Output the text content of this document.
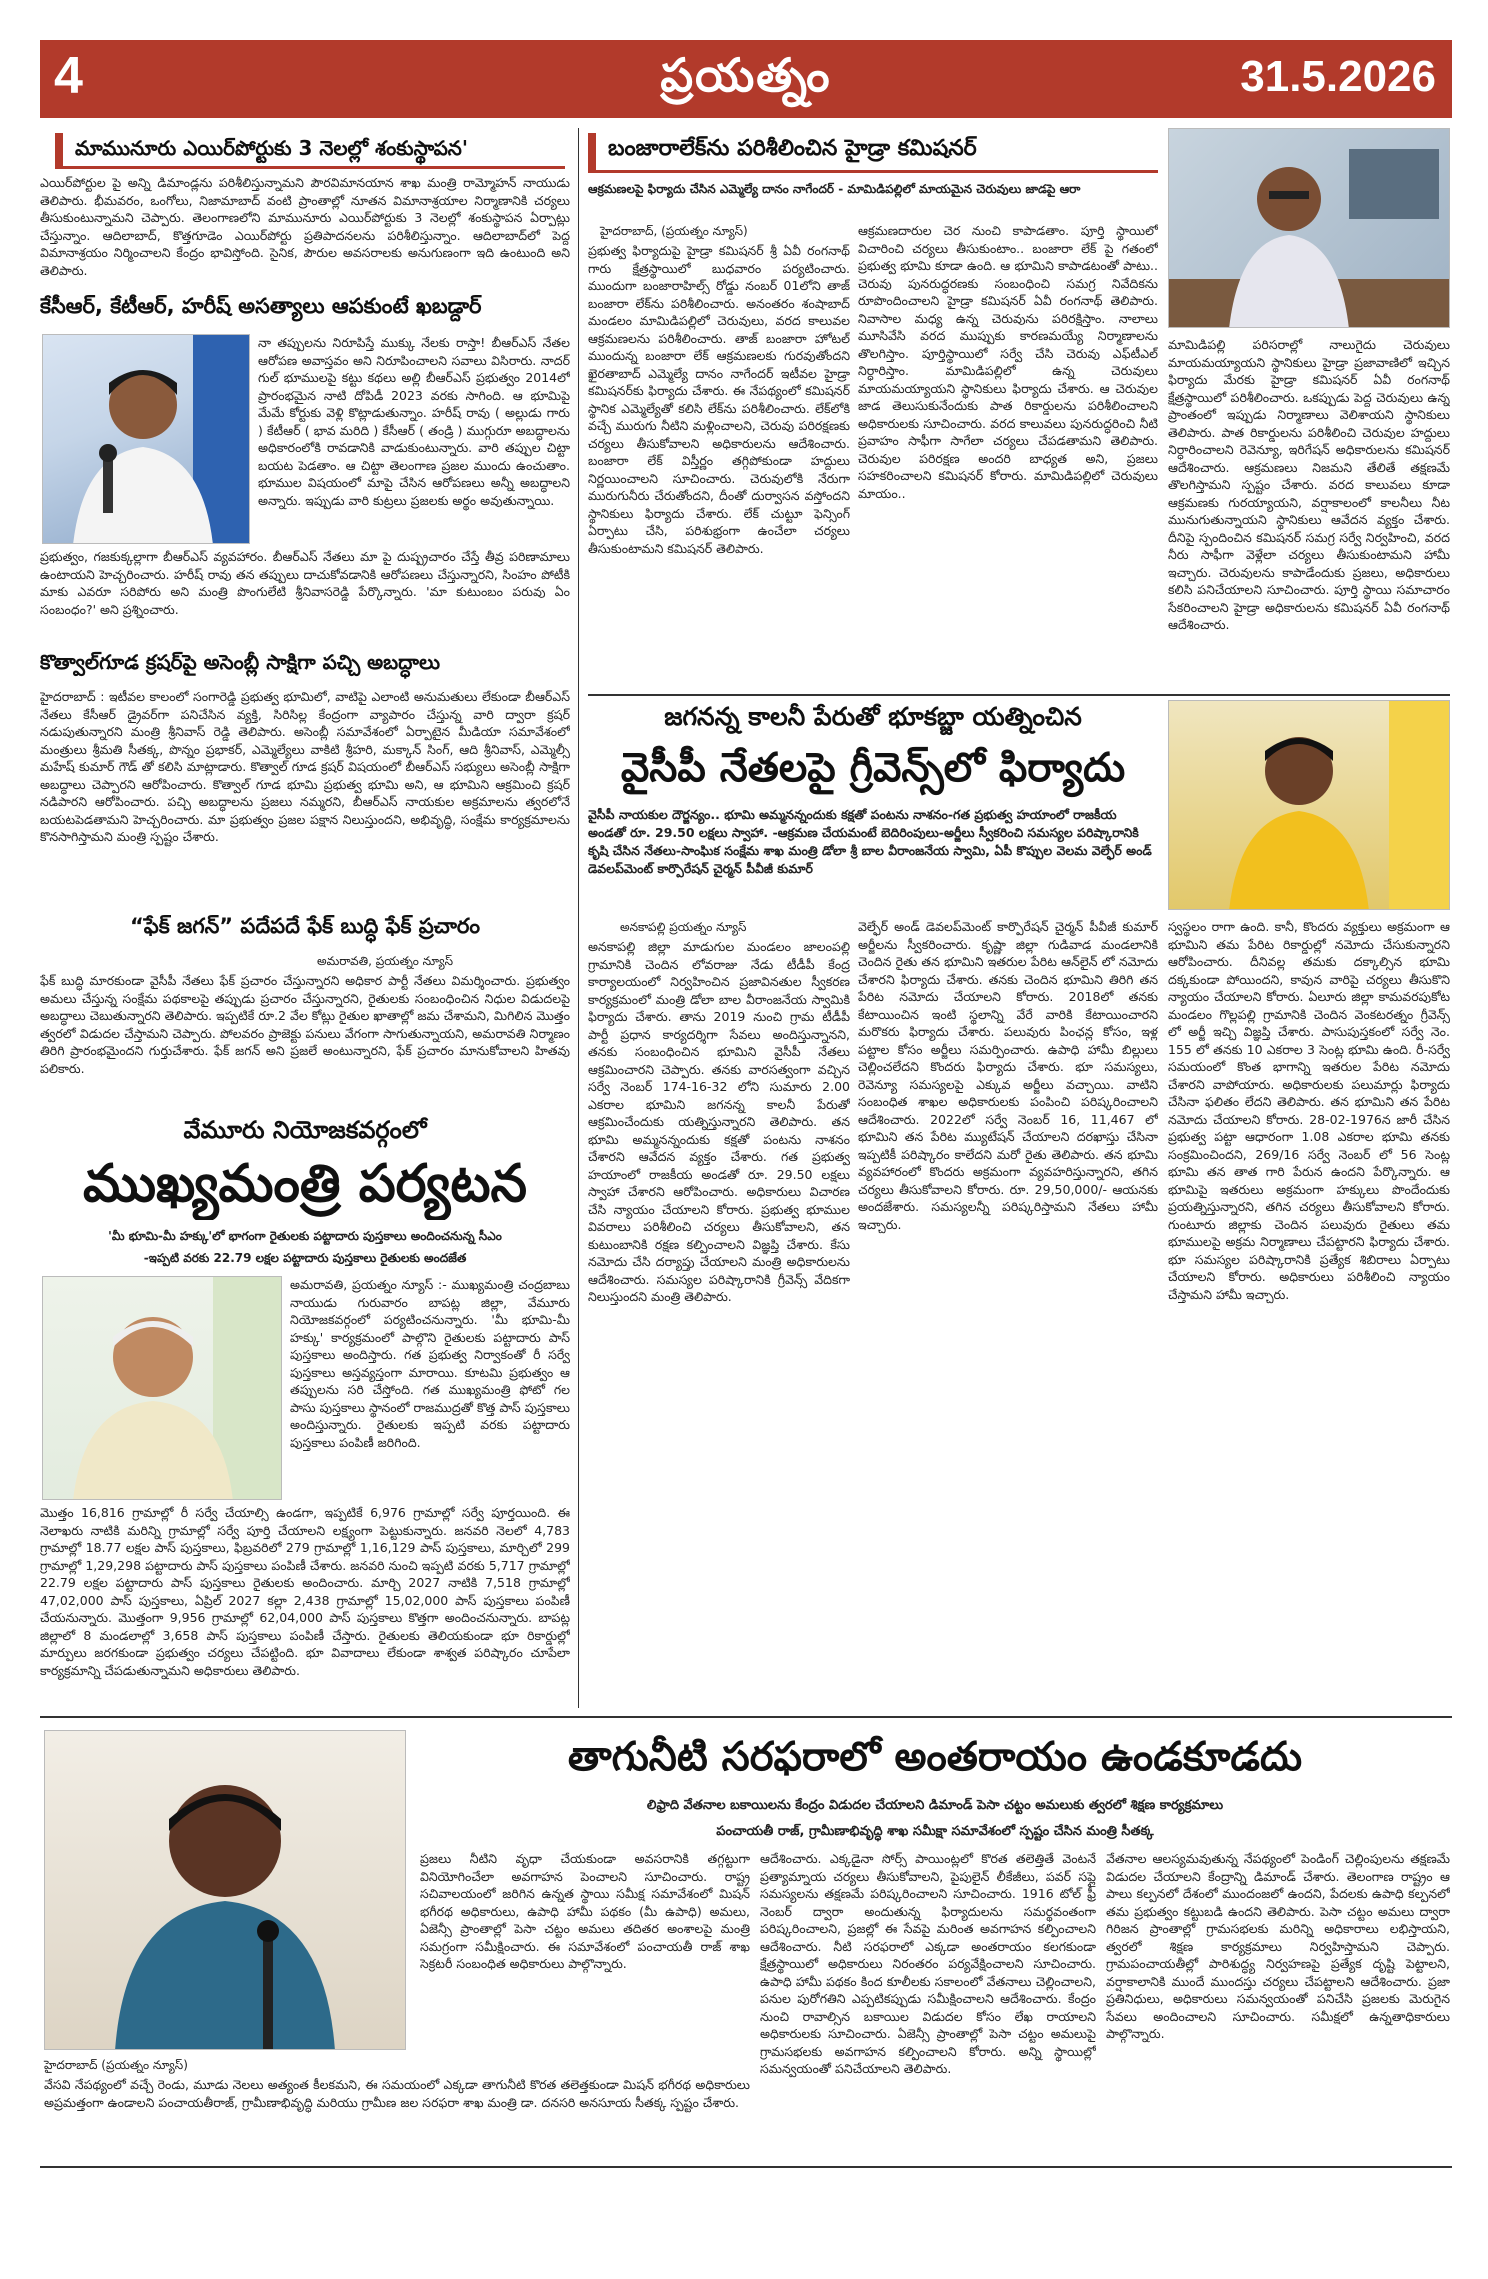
4	ప్రయత్నం	31.5.2026
మామునూరు ఎయిర్‌పోర్టుకు 3 నెలల్లో శంకుస్థాపన'
ఎయిర్‌పోర్టుల పై అన్ని డిమాండ్లను పరిశీలిస్తున్నామని పౌరవిమానయాన శాఖ మంత్రి రామ్మోహన్ నాయుడు తెలిపారు. భీమవరం, ఒంగోలు, నిజామాబాద్ వంటి ప్రాంతాల్లో నూతన విమానాశ్రయాల నిర్మాణానికి చర్యలు తీసుకుంటున్నామని చెప్పారు. తెలంగాణలోని మామునూరు ఎయిర్‌పోర్టుకు 3 నెలల్లో శంకుస్థాపన ఏర్పాట్లు చేస్తున్నాం. ఆదిలాబాద్, కొత్తగూడెం ఎయిర్‌పోర్టు ప్రతిపాదనలను పరిశీలిస్తున్నాం. ఆదిలాబాద్‌లో పెద్ద విమానాశ్రయం నిర్మించాలని కేంద్రం భావిస్తోంది. సైనిక, పౌరుల అవసరాలకు అనుగుణంగా ఇది ఉంటుంది అని తెలిపారు.
కేసీఆర్, కేటీఆర్, హరీష్ అసత్యాలు ఆపకుంటే ఖబడ్దార్
నా తప్పులను నిరూపిస్తే ముక్కు నేలకు రాస్తా! బీఆర్ఎస్ నేతల ఆరోపణ అవాస్తవం అని నిరూపించాలని సవాలు విసిరారు. నాదర్ గుల్ భూములపై కట్టు కథలు అల్లి బీఆర్ఎస్ ప్రభుత్వం 2014లో ప్రారంభమైన నాటి దోపిడీ 2023 వరకు సాగింది. ఆ భూమిపై మేమే కోర్టుకు వెళ్లి కొట్లాడుతున్నాం. హరీష్ రావు ( అల్లుడు గారు ) కేటీఆర్ ( భావ మరిది ) కేసీఆర్ ( తండ్రి ) ముగ్గురూ అబద్ధాలను అధికారంలోకి రావడానికి వాడుకుంటున్నారు. వారి తప్పుల చిట్టా బయట పెడతాం. ఆ చిట్టా తెలంగాణ ప్రజల ముందు ఉంచుతాం. భూముల విషయంలో మాపై చేసిన ఆరోపణలు అన్నీ అబద్ధాలని అన్నారు. ఇప్పుడు వారి కుట్రలు ప్రజలకు అర్థం అవుతున్నాయి.
ప్రభుత్వం, గజకుక్కల్లాగా బీఆర్ఎస్ వ్యవహారం. బీఆర్ఎస్ నేతలు మా పై దుష్ప్రచారం చేస్తే తీవ్ర పరిణామాలు ఉంటాయని హెచ్చరించారు. హరీష్ రావు తన తప్పులు దాచుకోవడానికి ఆరోపణలు చేస్తున్నారని, సింహం పోటీకి మాకు ఎవరూ సరిపోరు అని మంత్రి పొంగులేటి శ్రీనివాసరెడ్డి పేర్కొన్నారు. 'మా కుటుంబం పరువు ఏం సంబంధం?' అని ప్రశ్నించారు.
కొత్వాల్‌గూడ క్రషర్‌పై అసెంబ్లీ సాక్షిగా పచ్చి అబద్ధాలు
హైదరాబాద్ : ఇటీవల కాలంలో సంగారెడ్డి ప్రభుత్వ భూమిలో, వాటిపై ఎలాంటి అనుమతులు లేకుండా బీఆర్ఎస్ నేతలు కేసీఆర్ డ్రైవర్‌గా పనిచేసిన వ్యక్తి, సిరిసిల్ల కేంద్రంగా వ్యాపారం చేస్తున్న వారి ద్వారా క్రషర్ నడుపుతున్నారని మంత్రి శ్రీనివాస్ రెడ్డి తెలిపారు. అసెంబ్లీ సమావేశంలో ఏర్పాటైన మీడియా సమావేశంలో మంత్రులు శ్రీమతి సీతక్క, పొన్నం ప్రభాకర్, ఎమ్మెల్యేలు వాకిటి శ్రీహరి, మక్కాన్ సింగ్, ఆది శ్రీనివాస్, ఎమ్మెల్సీ మహేష్ కుమార్ గౌడ్ తో కలిసి మాట్లాడారు. కొత్వాల్ గూడ క్రషర్ విషయంలో బీఆర్ఎస్ సభ్యులు అసెంబ్లీ సాక్షిగా అబద్ధాలు చెప్పారని ఆరోపించారు. కొత్వాల్ గూడ భూమి ప్రభుత్వ భూమి అని, ఆ భూమిని ఆక్రమించి క్రషర్ నడిపారని ఆరోపించారు. పచ్చి అబద్ధాలను ప్రజలు నమ్మరని, బీఆర్ఎస్ నాయకుల అక్రమాలను త్వరలోనే బయటపెడతామని హెచ్చరించారు. మా ప్రభుత్వం ప్రజల పక్షాన నిలుస్తుందని, అభివృద్ధి, సంక్షేమ కార్యక్రమాలను కొనసాగిస్తామని మంత్రి స్పష్టం చేశారు.
“ఫేక్ జగన్” పదేపదే ఫేక్ బుద్ధి ఫేక్ ప్రచారం
అమరావతి, ప్రయత్నం న్యూస్
ఫేక్ బుద్ధి మారకుండా వైసీపీ నేతలు ఫేక్ ప్రచారం చేస్తున్నారని అధికార పార్టీ నేతలు విమర్శించారు. ప్రభుత్వం అమలు చేస్తున్న సంక్షేమ పథకాలపై తప్పుడు ప్రచారం చేస్తున్నారని, రైతులకు సంబంధించిన నిధుల విడుదలపై అబద్ధాలు చెబుతున్నారని తెలిపారు. ఇప్పటికే రూ.2 వేల కోట్లు రైతుల ఖాతాల్లో జమ చేశామని, మిగిలిన మొత్తం త్వరలో విడుదల చేస్తామని చెప్పారు. పోలవరం ప్రాజెక్టు పనులు వేగంగా సాగుతున్నాయని, అమరావతి నిర్మాణం తిరిగి ప్రారంభమైందని గుర్తుచేశారు. ఫేక్ జగన్ అని ప్రజలే అంటున్నారని, ఫేక్ ప్రచారం మానుకోవాలని హితవు పలికారు.
వేమూరు నియోజకవర్గంలో
ముఖ్యమంత్రి పర్యటన
'మీ భూమి-మీ హక్కు'లో భాగంగా రైతులకు పట్టాదారు పుస్తకాలు అందించనున్న సీఎం
-ఇప్పటి వరకు 22.79 లక్షల పట్టాదారు పుస్తకాలు రైతులకు అందజేత
అమరావతి, ప్రయత్నం న్యూస్ :- ముఖ్యమంత్రి చంద్రబాబు నాయుడు గురువారం బాపట్ల జిల్లా, వేమూరు నియోజకవర్గంలో పర్యటించనున్నారు. 'మీ భూమి-మీ హక్కు' కార్యక్రమంలో పాల్గొని రైతులకు పట్టాదారు పాస్ పుస్తకాలు అందిస్తారు. గత ప్రభుత్వ నిర్వాకంతో రీ సర్వే పుస్తకాలు అస్తవ్యస్తంగా మారాయి. కూటమి ప్రభుత్వం ఆ తప్పులను సరి చేస్తోంది. గత ముఖ్యమంత్రి ఫోటో గల పాసు పుస్తకాలు స్థానంలో రాజముద్రతో కొత్త పాస్ పుస్తకాలు అందిస్తున్నారు. రైతులకు ఇప్పటి వరకు పట్టాదారు పుస్తకాలు పంపిణీ జరిగింది.
మొత్తం 16,816 గ్రామాల్లో రీ సర్వే చేయాల్సి ఉండగా, ఇప్పటికే 6,976 గ్రామాల్లో సర్వే పూర్తయింది. ఈ నెలాఖరు నాటికి మరిన్ని గ్రామాల్లో సర్వే పూర్తి చేయాలని లక్ష్యంగా పెట్టుకున్నారు. జనవరి నెలలో 4,783 గ్రామాల్లో 18.77 లక్షల పాస్ పుస్తకాలు, ఫిబ్రవరిలో 279 గ్రామాల్లో 1,16,129 పాస్ పుస్తకాలు, మార్చిలో 299 గ్రామాల్లో 1,29,298 పట్టాదారు పాస్ పుస్తకాలు పంపిణీ చేశారు. జనవరి నుంచి ఇప్పటి వరకు 5,717 గ్రామాల్లో 22.79 లక్షల పట్టాదారు పాస్ పుస్తకాలు రైతులకు అందించారు. మార్చి 2027 నాటికి 7,518 గ్రామాల్లో 47,02,000 పాస్ పుస్తకాలు, ఏప్రిల్ 2027 కల్లా 2,438 గ్రామాల్లో 15,02,000 పాస్ పుస్తకాలు పంపిణీ చేయనున్నారు. మొత్తంగా 9,956 గ్రామాల్లో 62,04,000 పాస్ పుస్తకాలు కొత్తగా అందించనున్నారు. బాపట్ల జిల్లాలో 8 మండలాల్లో 3,658 పాస్ పుస్తకాలు పంపిణీ చేస్తారు. రైతులకు తెలియకుండా భూ రికార్డుల్లో మార్పులు జరగకుండా ప్రభుత్వం చర్యలు చేపట్టింది. భూ వివాదాలు లేకుండా శాశ్వత పరిష్కారం చూపేలా కార్యక్రమాన్ని చేపడుతున్నామని అధికారులు తెలిపారు.
బంజారాలేక్‌ను పరిశీలించిన హైడ్రా కమిషనర్
ఆక్రమణలపై ఫిర్యాదు చేసిన ఎమ్మెల్యే దానం నాగేందర్ - మామిడిపల్లిలో మాయమైన చెరువులు జాడపై ఆరా
హైదరాబాద్, (ప్రయత్నం న్యూస్)
ప్రభుత్వ ఫిర్యాదుపై హైడ్రా కమిషనర్ శ్రీ ఏవీ రంగనాథ్ గారు క్షేత్రస్థాయిలో బుధవారం పర్యటించారు. ముందుగా బంజారాహిల్స్ రోడ్డు నంబర్ 01లోని తాజ్ బంజారా లేక్‌ను పరిశీలించారు. అనంతరం శంషాబాద్ మండలం మామిడిపల్లిలో చెరువులు, వరద కాలువల ఆక్రమణలను పరిశీలించారు. తాజ్ బంజారా హోటల్ ముందున్న బంజారా లేక్ ఆక్రమణలకు గురవుతోందని ఖైరతాబాద్ ఎమ్మెల్యే దానం నాగేందర్ ఇటీవల హైడ్రా కమిషనర్‌కు ఫిర్యాదు చేశారు. ఈ నేపథ్యంలో కమిషనర్ స్థానిక ఎమ్మెల్యేతో కలిసి లేక్‌ను పరిశీలించారు. లేక్‌లోకి వచ్చే మురుగు నీటిని మళ్లించాలని, చెరువు పరిరక్షణకు చర్యలు తీసుకోవాలని అధికారులను ఆదేశించారు. బంజారా లేక్ విస్తీర్ణం తగ్గిపోకుండా హద్దులు నిర్ణయించాలని సూచించారు. చెరువులోకి నేరుగా మురుగునీరు చేరుతోందని, దీంతో దుర్వాసన వస్తోందని స్థానికులు ఫిర్యాదు చేశారు. లేక్ చుట్టూ ఫెన్సింగ్ ఏర్పాటు చేసి, పరిశుభ్రంగా ఉంచేలా చర్యలు తీసుకుంటామని కమిషనర్ తెలిపారు.
ఆక్రమణదారుల చెర నుంచి కాపాడతాం. పూర్తి స్థాయిలో విచారించి చర్యలు తీసుకుంటాం.. బంజారా లేక్ పై గతంలో ప్రభుత్వ భూమి కూడా ఉంది. ఆ భూమిని కాపాడటంతో పాటు.. చెరువు పునరుద్ధరణకు సంబంధించి సమగ్ర నివేదికను రూపొందించాలని హైడ్రా కమిషనర్ ఏవీ రంగనాథ్ తెలిపారు. నివాసాల మధ్య ఉన్న చెరువును పరిరక్షిస్తాం. నాలాలు మూసివేసి వరద ముప్పుకు కారణమయ్యే నిర్మాణాలను తొలగిస్తాం. పూర్తిస్థాయిలో సర్వే చేసి చెరువు ఎఫ్‌టీఎల్ నిర్ధారిస్తాం. మామిడిపల్లిలో ఉన్న చెరువులు మాయమయ్యాయని స్థానికులు ఫిర్యాదు చేశారు. ఆ చెరువుల జాడ తెలుసుకునేందుకు పాత రికార్డులను పరిశీలించాలని అధికారులకు సూచించారు. వరద కాలువలు పునరుద్ధరించి నీటి ప్రవాహం సాఫీగా సాగేలా చర్యలు చేపడతామని తెలిపారు. చెరువుల పరిరక్షణ అందరి బాధ్యత అని, ప్రజలు సహకరించాలని కమిషనర్ కోరారు. మామిడిపల్లిలో చెరువులు మాయం..
మామిడిపల్లి పరిసరాల్లో నాలుగైదు చెరువులు మాయమయ్యాయని స్థానికులు హైడ్రా ప్రజావాణిలో ఇచ్చిన ఫిర్యాదు మేరకు హైడ్రా కమిషనర్ ఏవీ రంగనాథ్ క్షేత్రస్థాయిలో పరిశీలించారు. ఒకప్పుడు పెద్ద చెరువులు ఉన్న ప్రాంతంలో ఇప్పుడు నిర్మాణాలు వెలిశాయని స్థానికులు తెలిపారు. పాత రికార్డులను పరిశీలించి చెరువుల హద్దులు నిర్ధారించాలని రెవెన్యూ, ఇరిగేషన్ అధికారులను కమిషనర్ ఆదేశించారు. ఆక్రమణలు నిజమని తేలితే తక్షణమే తొలగిస్తామని స్పష్టం చేశారు. వరద కాలువలు కూడా ఆక్రమణకు గురయ్యాయని, వర్షాకాలంలో కాలనీలు నీట మునుగుతున్నాయని స్థానికులు ఆవేదన వ్యక్తం చేశారు. దీనిపై స్పందించిన కమిషనర్ సమగ్ర సర్వే నిర్వహించి, వరద నీరు సాఫీగా వెళ్లేలా చర్యలు తీసుకుంటామని హామీ ఇచ్చారు. చెరువులను కాపాడేందుకు ప్రజలు, అధికారులు కలిసి పనిచేయాలని సూచించారు. పూర్తి స్థాయి సమాచారం సేకరించాలని హైడ్రా అధికారులను కమిషనర్ ఏవీ రంగనాథ్ ఆదేశించారు.
జగనన్న కాలనీ పేరుతో భూకబ్జా యత్నించిన
వైసీపీ నేతలపై గ్రీవెన్స్‌లో ఫిర్యాదు
వైసీపీ నాయకుల దౌర్జన్యం.. భూమి అమ్మనన్నందుకు కక్షతో పంటను నాశనం-గత ప్రభుత్వ హయాంలో రాజకీయ అండతో రూ. 29.50 లక్షలు స్వాహా. -ఆక్రమణ చేయమంటే బెదిరింపులు-అర్జీలు స్వీకరించి సమస్యల పరిష్కారానికి కృషి చేసిన నేతలు-సాంఘిక సంక్షేమ శాఖ మంత్రి డోలా శ్రీ బాల వీరాంజనేయ స్వామి, ఏపీ కొప్పుల వెలమ వెల్ఫేర్ అండ్ డెవలప్‌మెంట్ కార్పొరేషన్ చైర్మన్ పీవీజీ కుమార్
అనకాపల్లి ప్రయత్నం న్యూస్
అనకాపల్లి జిల్లా మాడుగుల మండలం జాలంపల్లి గ్రామానికి చెందిన లోవరాజు నేడు టీడీపీ కేంద్ర కార్యాలయంలో నిర్వహించిన ప్రజావినతుల స్వీకరణ కార్యక్రమంలో మంత్రి డోలా బాల వీరాంజనేయ స్వామికి ఫిర్యాదు చేశారు. తాను 2019 నుంచి గ్రామ టీడీపీ పార్టీ ప్రధాన కార్యదర్శిగా సేవలు అందిస్తున్నానని, తనకు సంబంధించిన భూమిని వైసీపీ నేతలు ఆక్రమించారని చెప్పారు. తనకు వారసత్వంగా వచ్చిన సర్వే నెంబర్ 174-16-32 లోని సుమారు 2.00 ఎకరాల భూమిని జగనన్న కాలనీ పేరుతో ఆక్రమించేందుకు యత్నిస్తున్నారని తెలిపారు. తన భూమి అమ్మనన్నందుకు కక్షతో పంటను నాశనం చేశారని ఆవేదన వ్యక్తం చేశారు. గత ప్రభుత్వ హయాంలో రాజకీయ అండతో రూ. 29.50 లక్షలు స్వాహా చేశారని ఆరోపించారు. అధికారులు విచారణ చేసి న్యాయం చేయాలని కోరారు. ప్రభుత్వ భూముల వివరాలు పరిశీలించి చర్యలు తీసుకోవాలని, తన కుటుంబానికి రక్షణ కల్పించాలని విజ్ఞప్తి చేశారు. కేసు నమోదు చేసి దర్యాప్తు చేయాలని మంత్రి అధికారులను ఆదేశించారు. సమస్యల పరిష్కారానికి గ్రీవెన్స్ వేదికగా నిలుస్తుందని మంత్రి తెలిపారు.
వెల్ఫేర్ అండ్ డెవలప్‌మెంట్ కార్పొరేషన్ చైర్మన్ పీవీజీ కుమార్ అర్జీలను స్వీకరించారు. కృష్ణా జిల్లా గుడివాడ మండలానికి చెందిన రైతు తన భూమిని ఇతరుల పేరిట ఆన్‌లైన్ లో నమోదు చేశారని ఫిర్యాదు చేశారు. తనకు చెందిన భూమిని తిరిగి తన పేరిట నమోదు చేయాలని కోరారు. 2018లో తనకు కేటాయించిన ఇంటి స్థలాన్ని వేరే వారికి కేటాయించారని మరొకరు ఫిర్యాదు చేశారు. పలువురు పింఛన్ల కోసం, ఇళ్ల పట్టాల కోసం అర్జీలు సమర్పించారు. ఉపాధి హామీ బిల్లులు చెల్లించలేదని కొందరు ఫిర్యాదు చేశారు. భూ సమస్యలు, రెవెన్యూ సమస్యలపై ఎక్కువ అర్జీలు వచ్చాయి. వాటిని సంబంధిత శాఖల అధికారులకు పంపించి పరిష్కరించాలని ఆదేశించారు. 2022లో సర్వే నెంబర్ 16, 11,467 లో భూమిని తన పేరిట మ్యుటేషన్ చేయాలని దరఖాస్తు చేసినా ఇప్పటికీ పరిష్కారం కాలేదని మరో రైతు తెలిపారు. తన భూమి వ్యవహారంలో కొందరు అక్రమంగా వ్యవహరిస్తున్నారని, తగిన చర్యలు తీసుకోవాలని కోరారు. రూ. 29,50,000/- ఆయనకు అందజేశారు. సమస్యలన్నీ పరిష్కరిస్తామని నేతలు హామీ ఇచ్చారు.
స్వస్థలం రాగా ఉంది. కానీ, కొందరు వ్యక్తులు అక్రమంగా ఆ భూమిని తమ పేరిట రికార్డుల్లో నమోదు చేసుకున్నారని ఆరోపించారు. దీనివల్ల తమకు దక్కాల్సిన భూమి దక్కకుండా పోయిందని, కావున వారిపై చర్యలు తీసుకొని న్యాయం చేయాలని కోరారు. ఏలూరు జిల్లా కామవరపుకోట మండలం గొల్లపల్లి గ్రామానికి చెందిన వెంకటరత్నం గ్రీవెన్స్ లో అర్జీ ఇచ్చి విజ్ఞప్తి చేశారు. పాసుపుస్తకంలో సర్వే నెం. 155 లో తనకు 10 ఎకరాల 3 సెంట్ల భూమి ఉంది. రీ-సర్వే సమయంలో కొంత భాగాన్ని ఇతరుల పేరిట నమోదు చేశారని వాపోయారు. అధికారులకు పలుమార్లు ఫిర్యాదు చేసినా ఫలితం లేదని తెలిపారు. తన భూమిని తన పేరిట నమోదు చేయాలని కోరారు. 28-02-1976న జారీ చేసిన ప్రభుత్వ పట్టా ఆధారంగా 1.08 ఎకరాల భూమి తనకు సంక్రమించిందని, 269/16 సర్వే నెంబర్ లో 56 సెంట్ల భూమి తన తాత గారి పేరున ఉందని పేర్కొన్నారు. ఆ భూమిపై ఇతరులు అక్రమంగా హక్కులు పొందేందుకు ప్రయత్నిస్తున్నారని, తగిన చర్యలు తీసుకోవాలని కోరారు. గుంటూరు జిల్లాకు చెందిన పలువురు రైతులు తమ భూములపై అక్రమ నిర్మాణాలు చేపట్టారని ఫిర్యాదు చేశారు. భూ సమస్యల పరిష్కారానికి ప్రత్యేక శిబిరాలు ఏర్పాటు చేయాలని కోరారు. అధికారులు పరిశీలించి న్యాయం చేస్తామని హామీ ఇచ్చారు.
తాగునీటి సరఫరాలో అంతరాయం ఉండకూడదు
లిఫ్రాది వేతనాల బకాయిలను కేంద్రం విడుదల చేయాలని డిమాండ్ పెసా చట్టం అమలుకు త్వరలో శిక్షణ కార్యక్రమాలు
పంచాయతీ రాజ్, గ్రామీణాభివృద్ధి శాఖ సమీక్షా సమావేశంలో స్పష్టం చేసిన మంత్రి సీతక్క
ప్రజలు నీటిని వృధా చేయకుండా అవసరానికి తగ్గట్టుగా వినియోగించేలా అవగాహన పెంచాలని సూచించారు. రాష్ట్ర సచివాలయంలో జరిగిన ఉన్నత స్థాయి సమీక్ష సమావేశంలో మిషన్ భగీరథ అధికారులు, ఉపాధి హామీ పథకం (మీ ఉపాధి) అమలు, ఏజెన్సీ ప్రాంతాల్లో పెసా చట్టం అమలు తదితర అంశాలపై మంత్రి సమగ్రంగా సమీక్షించారు. ఈ సమావేశంలో పంచాయతీ రాజ్ శాఖ సెక్రటరీ సంబంధిత అధికారులు పాల్గొన్నారు.
హైదరాబాద్ (ప్రయత్నం న్యూస్)
వేసవి నేపథ్యంలో వచ్చే రెండు, మూడు నెలలు అత్యంత కీలకమని, ఈ సమయంలో ఎక్కడా తాగునీటి కొరత తలెత్తకుండా మిషన్ భగీరథ అధికారులు అప్రమత్తంగా ఉండాలని పంచాయతీరాజ్, గ్రామీణాభివృద్ధి మరియు గ్రామీణ జల సరఫరా శాఖ మంత్రి డా. దనసరి అనసూయ సీతక్క స్పష్టం చేశారు.
ఆదేశించారు. ఎక్కడైనా సోర్స్ పాయింట్లలో కొరత తలెత్తితే వెంటనే ప్రత్యామ్నాయ చర్యలు తీసుకోవాలని, పైపులైన్ లీకేజీలు, పవర్ సప్లై సమస్యలను తక్షణమే పరిష్కరించాలని సూచించారు. 1916 టోల్ ఫ్రీ నెంబర్ ద్వారా అందుతున్న ఫిర్యాదులను సమర్థవంతంగా పరిష్కరించాలని, ప్రజల్లో ఈ సేవపై మరింత అవగాహన కల్పించాలని ఆదేశించారు. నీటి సరఫరాలో ఎక్కడా అంతరాయం కలగకుండా క్షేత్రస్థాయిలో అధికారులు నిరంతరం పర్యవేక్షించాలని సూచించారు. ఉపాధి హామీ పథకం కింద కూలీలకు సకాలంలో వేతనాలు చెల్లించాలని, పనుల పురోగతిని ఎప్పటికప్పుడు సమీక్షించాలని ఆదేశించారు. కేంద్రం నుంచి రావాల్సిన బకాయిల విడుదల కోసం లేఖ రాయాలని అధికారులకు సూచించారు. ఏజెన్సీ ప్రాంతాల్లో పెసా చట్టం అమలుపై గ్రామసభలకు అవగాహన కల్పించాలని కోరారు. అన్ని స్థాయిల్లో సమన్వయంతో పనిచేయాలని తెలిపారు.
వేతనాల ఆలస్యమవుతున్న నేపథ్యంలో పెండింగ్ చెల్లింపులను తక్షణమే విడుదల చేయాలని కేంద్రాన్ని డిమాండ్ చేశారు. తెలంగాణ రాష్ట్రం ఆ పాలు కల్పనలో దేశంలో ముందంజలో ఉందని, పేదలకు ఉపాధి కల్పనలో తమ ప్రభుత్వం కట్టుబడి ఉందని తెలిపారు. పెసా చట్టం అమలు ద్వారా గిరిజన ప్రాంతాల్లో గ్రామసభలకు మరిన్ని అధికారాలు లభిస్తాయని, త్వరలో శిక్షణ కార్యక్రమాలు నిర్వహిస్తామని చెప్పారు. గ్రామపంచాయతీల్లో పారిశుద్ధ్య నిర్వహణపై ప్రత్యేక దృష్టి పెట్టాలని, వర్షాకాలానికి ముందే ముందస్తు చర్యలు చేపట్టాలని ఆదేశించారు. ప్రజా ప్రతినిధులు, అధికారులు సమన్వయంతో పనిచేసి ప్రజలకు మెరుగైన సేవలు అందించాలని సూచించారు. సమీక్షలో ఉన్నతాధికారులు పాల్గొన్నారు.
